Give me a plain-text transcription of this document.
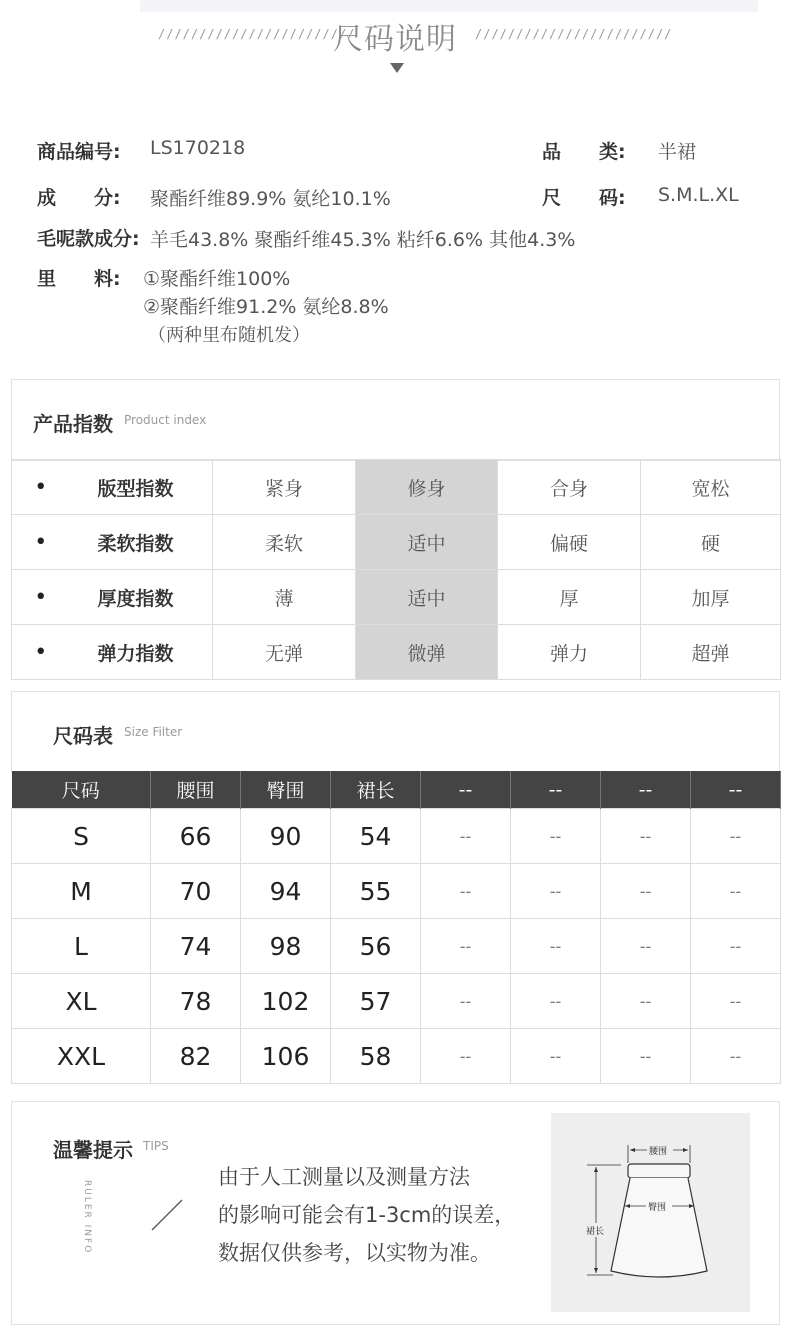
尺码说明
////////////////////////	////////////////////////
商品编号: LS170218	品　　类: 半裙
成　　分: 聚酯纤维89.9% 氨纶10.1%	尺　　码: S.M.L.XL
毛呢款成分: 羊毛43.8% 聚酯纤维45.3% 粘纤6.6% 其他4.3%
里　　料: ①聚酯纤维100%
②聚酯纤维91.2% 氨纶8.8%
（两种里布随机发）
产品指数 Product index
•	版型指数	紧身	修身	合身	宽松
•	柔软指数	柔软	适中	偏硬	硬
•	厚度指数	薄	适中	厚	加厚
•	弹力指数	无弹	微弹	弹力	超弹
尺码表 Size Filter
尺码	腰围	臀围	裙长	--	--	--	--
S	66	90	54	--	--	--	--
M	70	94	55	--	--	--	--
L	74	98	56	--	--	--	--
XL	78	102	57	--	--	--	--
XXL	82	106	58	--	--	--	--
温馨提示 TIPS
RULER INFO
由于人工测量以及测量方法
的影响可能会有1-3cm的误差，
数据仅供参考，以实物为准。
腰围
臀围
裙长
